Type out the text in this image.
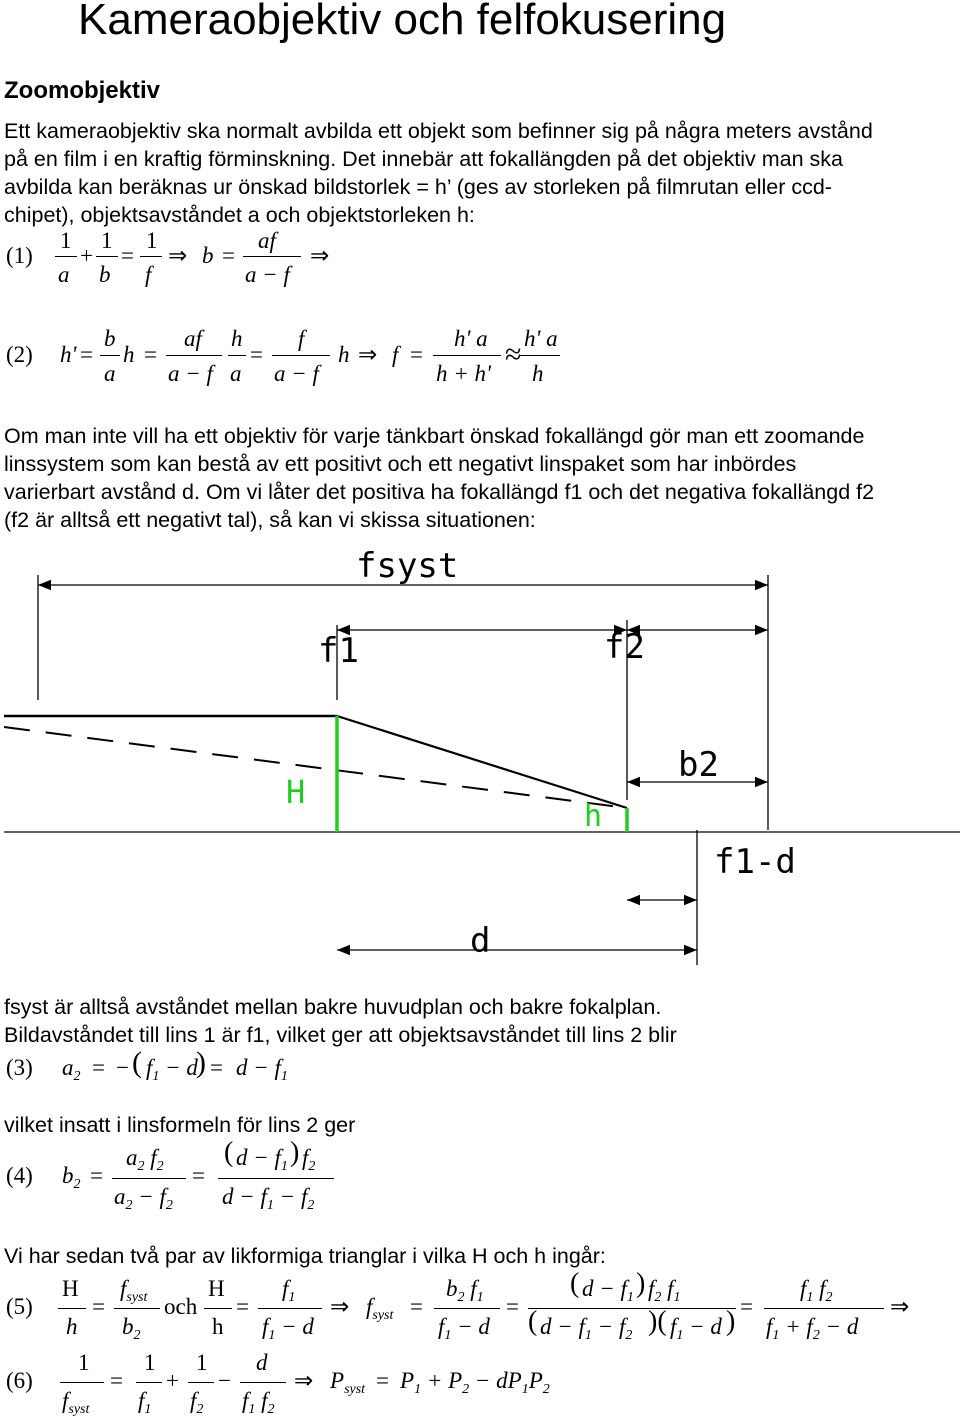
Kameraobjektiv och felfokusering
Zoomobjektiv
Ett kameraobjektiv ska normalt avbilda ett objekt som befinner sig på några meters avstånd
på en film i en kraftig förminskning. Det innebär att fokallängden på det objektiv man ska
avbilda kan beräknas ur önskad bildstorlek = h’ (ges av storleken på filmrutan eller ccd-
chipet), objektsavståndet a och objektstorleken h:
(1)
1
a
+
1
b
=
1
f
⇒ b =
af
a − f
⇒
(2) h' =
b
a
h =
af
a − f
h
a
=
f
a − f
h ⇒ f =
h' a
h + h'
≈ h' a
h
Om man inte vill ha ett objektiv för varje tänkbart önskad fokallängd gör man ett zoomande
linssystem som kan bestå av ett positivt och ett negativt linspaket som har inbördes
varierbart avstånd d. Om vi låter det positiva ha fokallängd f1 och det negativa fokallängd f2
(f2 är alltså ett negativt tal), så kan vi skissa situationen:
fsyst
f1	f2
b2
H
h
f1-d
d
fsyst är alltså avståndet mellan bakre huvudplan och bakre fokalplan.
Bildavståndet till lins 1 är f1, vilket ger att objektsavståndet till lins 2 blir
(3) $a_2$ = − ( $f_1 - d$
) = $d - f_1$
vilket insatt i linsformeln för lins 2 ger
(4) $b_2$ =
$a_2$ $f_2$
$a_2 - f_2$
=
( $d - f_1$ ) $f_2$
$d - f_1 - f_2$
Vi har sedan två par av likformiga trianglar i vilka H och h ingår:
(5)
H
h
=
$f_{syst}$
$b_2$
och
H
h
=
$f_1$
$f_1 - d$
⇒ $f_{syst}$ =
$b_2$ $f_1$
$f_1 - d$
=
( $d - f_1$ ) $f_2$ $f_1$
( $d - f_1 - f_2$ )( $f_1 - d$ ) =
$f_1$ $f_2$
$f_1 + f_2 - d$
⇒
(6)
1
$f_{syst}$
=
1
$f_1$
+
1
$f_2$
−
d
$f_1$ $f_2$
⇒ $P_{syst} = P_1 + P_2 - dP_1P_2$
